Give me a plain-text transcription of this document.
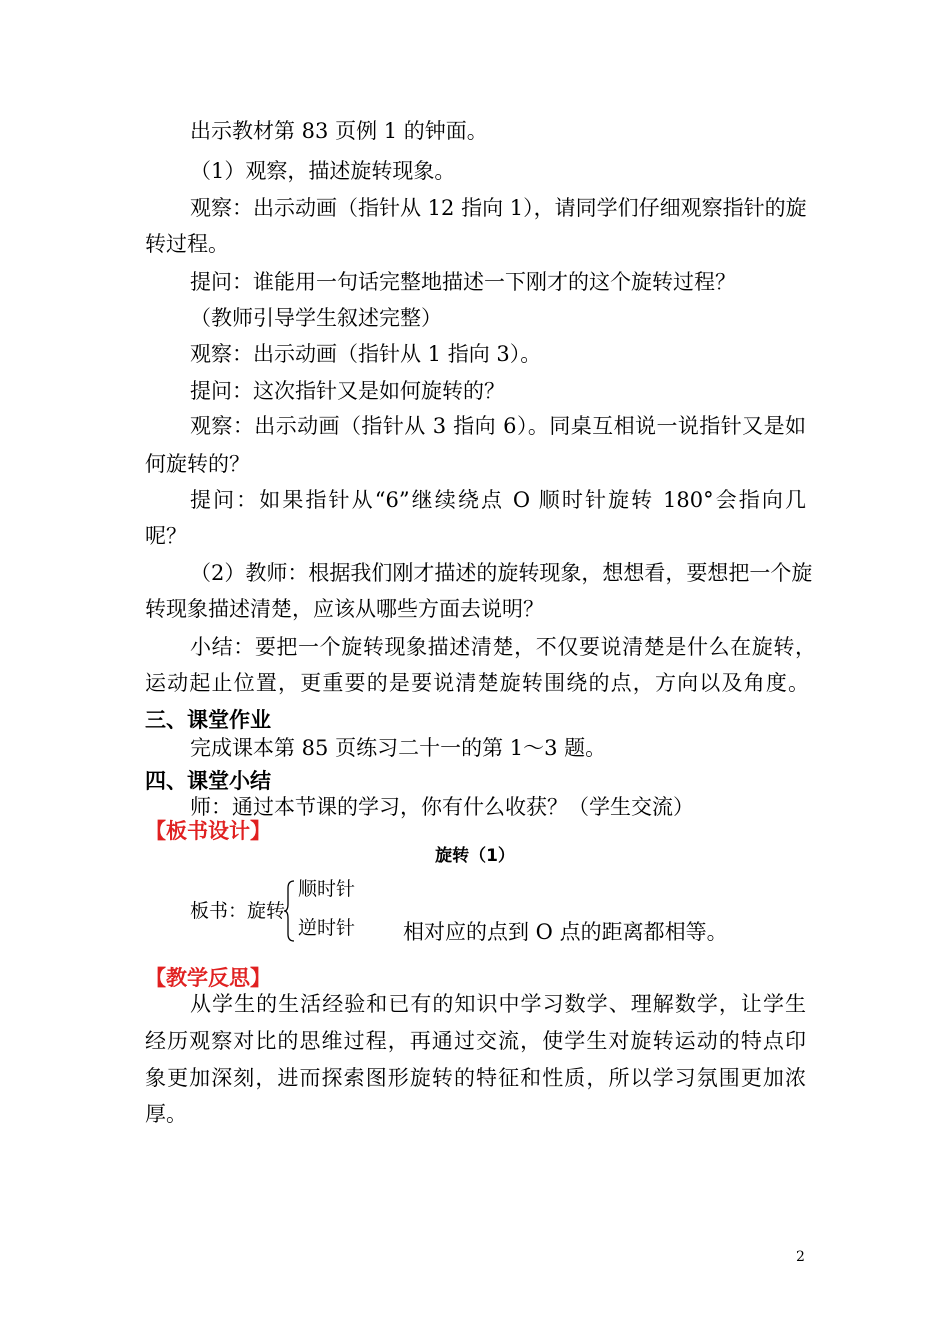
出示教材第 83 页例 1 的钟面。
（1）观察，描述旋转现象。
观察：出示动画（指针从 12 指向 1），请同学们仔细观察指针的旋
转过程。
提问：谁能用一句话完整地描述一下刚才的这个旋转过程？
（教师引导学生叙述完整）
观察：出示动画（指针从 1 指向 3）。
提问：这次指针又是如何旋转的？
观察：出示动画（指针从 3 指向 6）。同桌互相说一说指针又是如
何旋转的？
提问：如果指针从“6”继续绕点 O 顺时针旋转 180°会指向几
呢？
（2）教师：根据我们刚才描述的旋转现象，想想看，要想把一个旋
转现象描述清楚，应该从哪些方面去说明？
小结：要把一个旋转现象描述清楚，不仅要说清楚是什么在旋转，
运动起止位置，更重要的是要说清楚旋转围绕的点，方向以及角度。
三、课堂作业
完成课本第 85 页练习二十一的第 1～3 题。
四、课堂小结
师：通过本节课的学习，你有什么收获？（学生交流）
【板书设计】
旋转（1）
板书：旋转
顺时针
逆时针 相对应的点到 O 点的距离都相等。
【教学反思】
从学生的生活经验和已有的知识中学习数学、理解数学，让学生
经历观察对比的思维过程，再通过交流，使学生对旋转运动的特点印
象更加深刻，进而探索图形旋转的特征和性质，所以学习氛围更加浓
厚。
2
